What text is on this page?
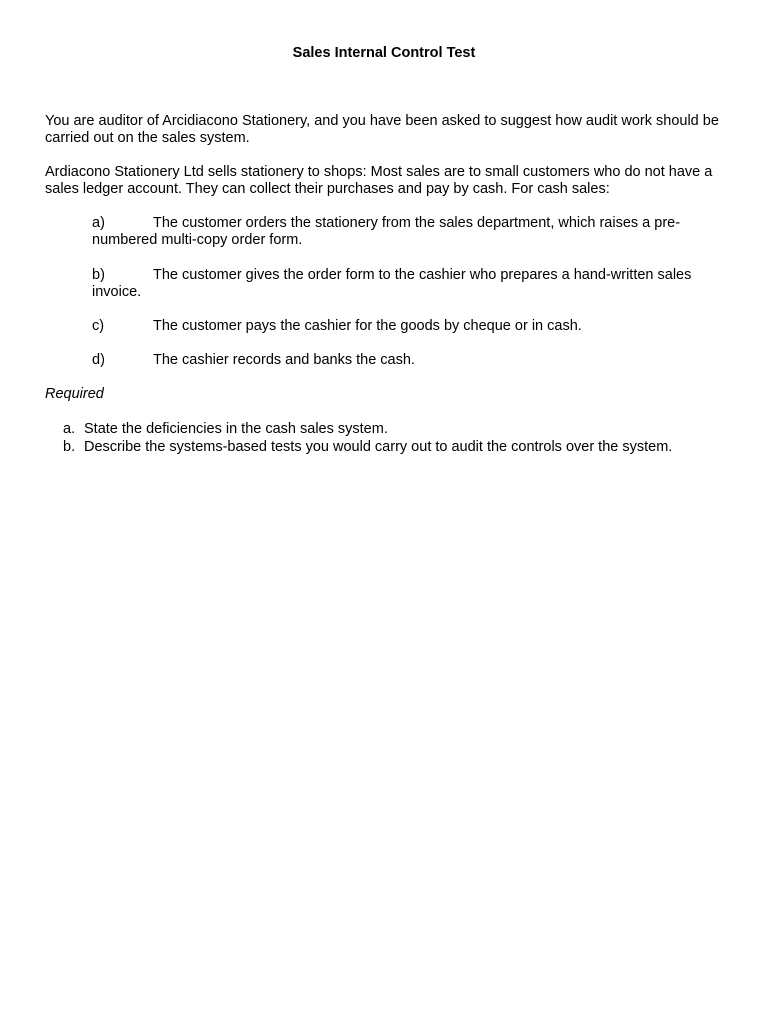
Sales Internal Control Test

You are auditor of Arcidiacono Stationery, and you have been asked to suggest how audit work should be carried out on the sales system.

Ardiacono Stationery Ltd sells stationery to shops: Most sales are to small customers who do not have a sales ledger account. They can collect their purchases and pay by cash. For cash sales:

a)	The customer orders the stationery from the sales department, which raises a pre-numbered multi-copy order form.
b)	The customer gives the order form to the cashier who prepares a hand-written sales invoice.
c)	The customer pays the cashier for the goods by cheque or in cash.
d)	The cashier records and banks the cash.
Required
a. State the deficiencies in the cash sales system.
b. Describe the systems-based tests you would carry out to audit the controls over the system.
